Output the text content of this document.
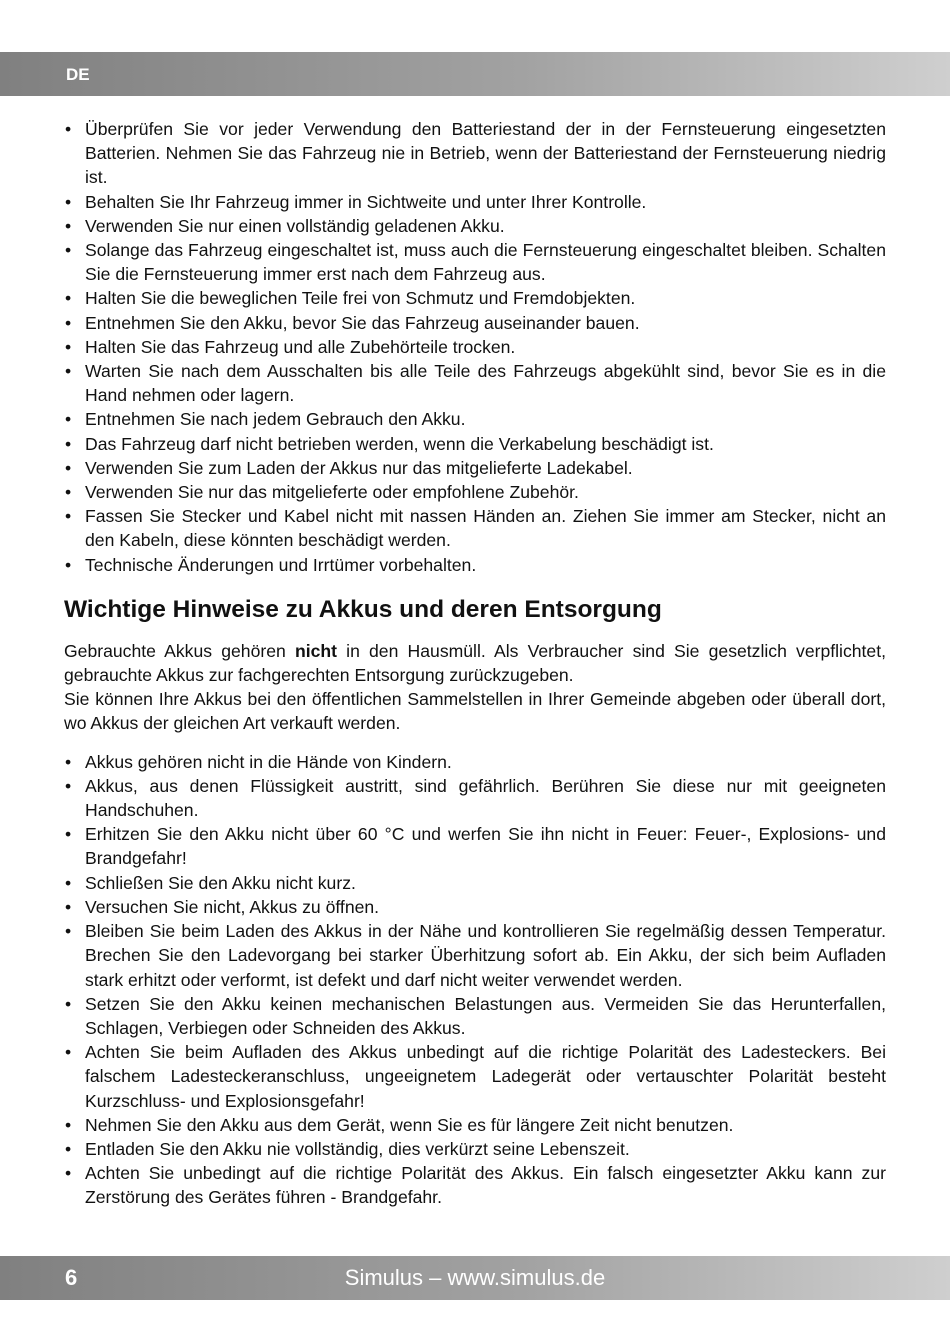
DE
• Überprüfen Sie vor jeder Verwendung den Batteriestand der in der Fernsteuerung eingesetzten Batterien. Nehmen Sie das Fahrzeug nie in Betrieb, wenn der Batteriestand der Fernsteuerung niedrig ist.
• Behalten Sie Ihr Fahrzeug immer in Sichtweite und unter Ihrer Kontrolle.
• Verwenden Sie nur einen vollständig geladenen Akku.
• Solange das Fahrzeug eingeschaltet ist, muss auch die Fernsteuerung eingeschaltet bleiben. Schalten Sie die Fernsteuerung immer erst nach dem Fahrzeug aus.
• Halten Sie die beweglichen Teile frei von Schmutz und Fremdobjekten.
• Entnehmen Sie den Akku, bevor Sie das Fahrzeug auseinander bauen.
• Halten Sie das Fahrzeug und alle Zubehörteile trocken.
• Warten Sie nach dem Ausschalten bis alle Teile des Fahrzeugs abgekühlt sind, bevor Sie es in die Hand nehmen oder lagern.
• Entnehmen Sie nach jedem Gebrauch den Akku.
• Das Fahrzeug darf nicht betrieben werden, wenn die Verkabelung beschädigt ist.
• Verwenden Sie zum Laden der Akkus nur das mitgelieferte Ladekabel.
• Verwenden Sie nur das mitgelieferte oder empfohlene Zubehör.
• Fassen Sie Stecker und Kabel nicht mit nassen Händen an. Ziehen Sie immer am Stecker, nicht an den Kabeln, diese könnten beschädigt werden.
• Technische Änderungen und Irrtümer vorbehalten.
Wichtige Hinweise zu Akkus und deren Entsorgung

Gebrauchte Akkus gehören nicht in den Hausmüll. Als Verbraucher sind Sie gesetzlich verpflichtet, gebrauchte Akkus zur fachgerechten Entsorgung zurückzugeben.

Sie können Ihre Akkus bei den öffentlichen Sammelstellen in Ihrer Gemeinde abgeben oder überall dort, wo Akkus der gleichen Art verkauft werden.

• Akkus gehören nicht in die Hände von Kindern.
• Akkus, aus denen Flüssigkeit austritt, sind gefährlich. Berühren Sie diese nur mit geeigneten Handschuhen.
• Erhitzen Sie den Akku nicht über 60 °C und werfen Sie ihn nicht in Feuer: Feuer-, Explosions- und Brandgefahr!
• Schließen Sie den Akku nicht kurz.
• Versuchen Sie nicht, Akkus zu öffnen.
• Bleiben Sie beim Laden des Akkus in der Nähe und kontrollieren Sie regelmäßig dessen Temperatur. Brechen Sie den Ladevorgang bei starker Überhitzung sofort ab. Ein Akku, der sich beim Aufladen stark erhitzt oder verformt, ist defekt und darf nicht weiter verwendet werden.
• Setzen Sie den Akku keinen mechanischen Belastungen aus. Vermeiden Sie das Herunterfallen, Schlagen, Verbiegen oder Schneiden des Akkus.
• Achten Sie beim Aufladen des Akkus unbedingt auf die richtige Polarität des Ladesteckers. Bei falschem Ladesteckeranschluss, ungeeignetem Ladegerät oder vertauschter Polarität besteht Kurzschluss- und Explosionsgefahr!
• Nehmen Sie den Akku aus dem Gerät, wenn Sie es für längere Zeit nicht benutzen.
• Entladen Sie den Akku nie vollständig, dies verkürzt seine Lebenszeit.
• Achten Sie unbedingt auf die richtige Polarität des Akkus. Ein falsch eingesetzter Akku kann zur Zerstörung des Gerätes führen - Brandgefahr.
6	Simulus – www.simulus.de
